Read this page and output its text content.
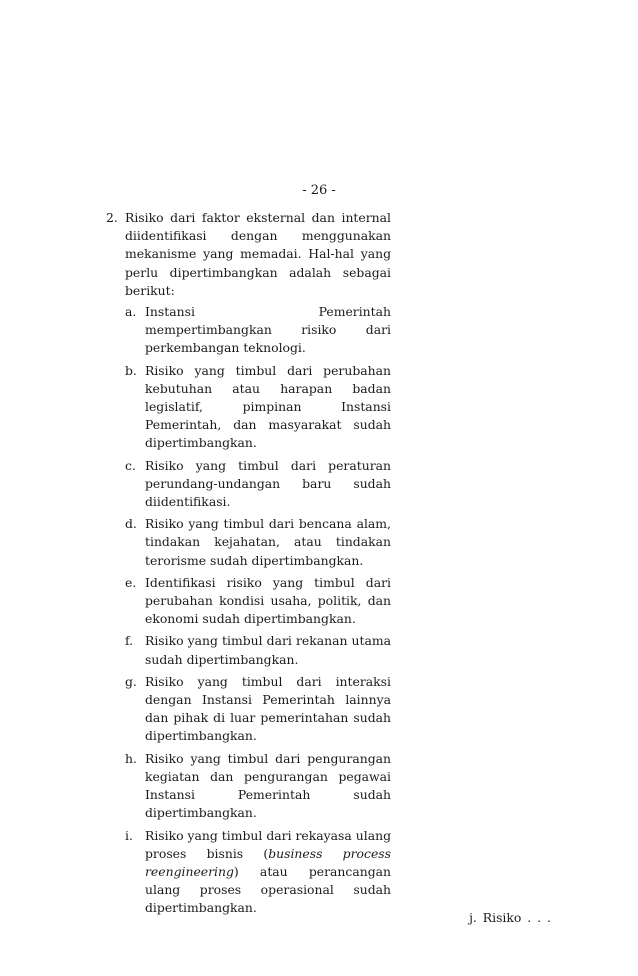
- 26 -
2. Risiko dari faktor eksternal dan internal diidentifikasi dengan menggunakan mekanisme yang memadai. Hal-hal yang perlu dipertimbangkan adalah sebagai berikut:
a. Instansi Pemerintah mempertimbangkan risiko dari perkembangan teknologi.
b. Risiko yang timbul dari perubahan kebutuhan atau harapan badan legislatif, pimpinan Instansi Pemerintah, dan masyarakat sudah dipertimbangkan.
c. Risiko yang timbul dari peraturan perundang-undangan baru sudah diidentifikasi.
d. Risiko yang timbul dari bencana alam, tindakan kejahatan, atau tindakan terorisme sudah dipertimbangkan.
e. Identifikasi risiko yang timbul dari perubahan kondisi usaha, politik, dan ekonomi sudah dipertimbangkan.
f. Risiko yang timbul dari rekanan utama sudah dipertimbangkan.
g. Risiko yang timbul dari interaksi dengan Instansi Pemerintah lainnya dan pihak di luar pemerintahan sudah dipertimbangkan.
h. Risiko yang timbul dari pengurangan kegiatan dan pengurangan pegawai Instansi Pemerintah sudah dipertimbangkan.
i. Risiko yang timbul dari rekayasa ulang proses bisnis (business process reengineering) atau perancangan ulang proses operasional sudah dipertimbangkan.
j. Risiko . . .
